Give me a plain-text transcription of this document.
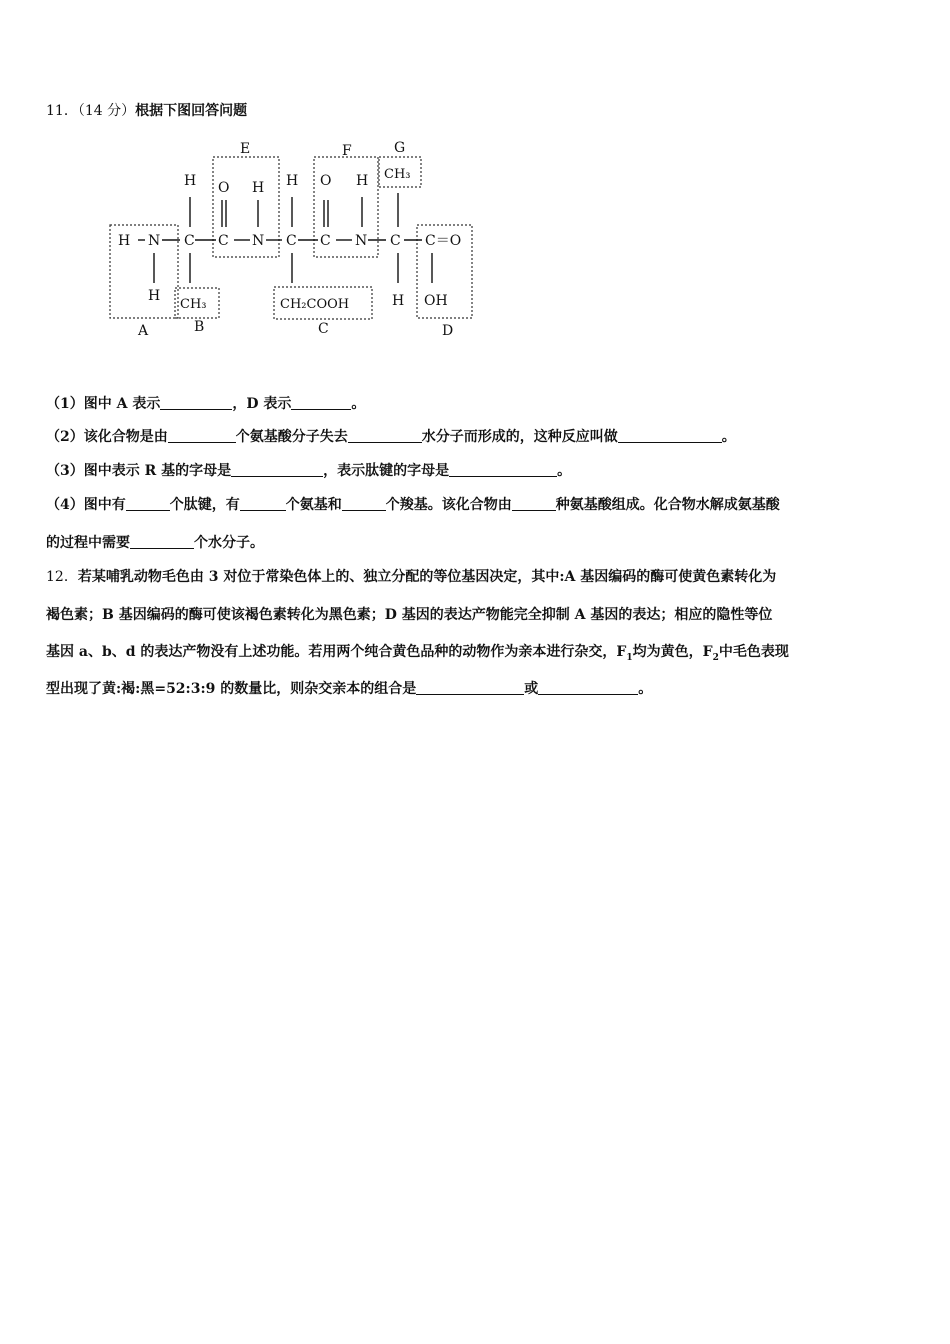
11．（14 分）根据下图回答问题
E	F	G
A	B	C	D
H N
H
H
C
CH₃
O H
C N
H
C
CH₂COOH
O H
C N
CH₃
C
H
C＝O
OH
（1）图中 A 表示	，D 表示	。
（2）该化合物是由	个氨基酸分子失去	水分子而形成的，这种反应叫做	。
（3）图中表示 R 基的字母是	，表示肽键的字母是	。
（4）图中有	个肽键，有	个氨基和	个羧基。该化合物由	种氨基酸组成。化合物水解成氨基酸
的过程中需要	个水分子。
12．若某哺乳动物毛色由 3 对位于常染色体上的、独立分配的等位基因决定，其中:A 基因编码的酶可使黄色素转化为
褐色素；B 基因编码的酶可使该褐色素转化为黑色素；D 基因的表达产物能完全抑制 A 基因的表达；相应的隐性等位
基因 a、b、d 的表达产物没有上述功能。若用两个纯合黄色品种的动物作为亲本进行杂交，$F_1$均为黄色，$F_2$中毛色表现
型出现了黄:褐:黑=52:3:9 的数量比，则杂交亲本的组合是	或	。
